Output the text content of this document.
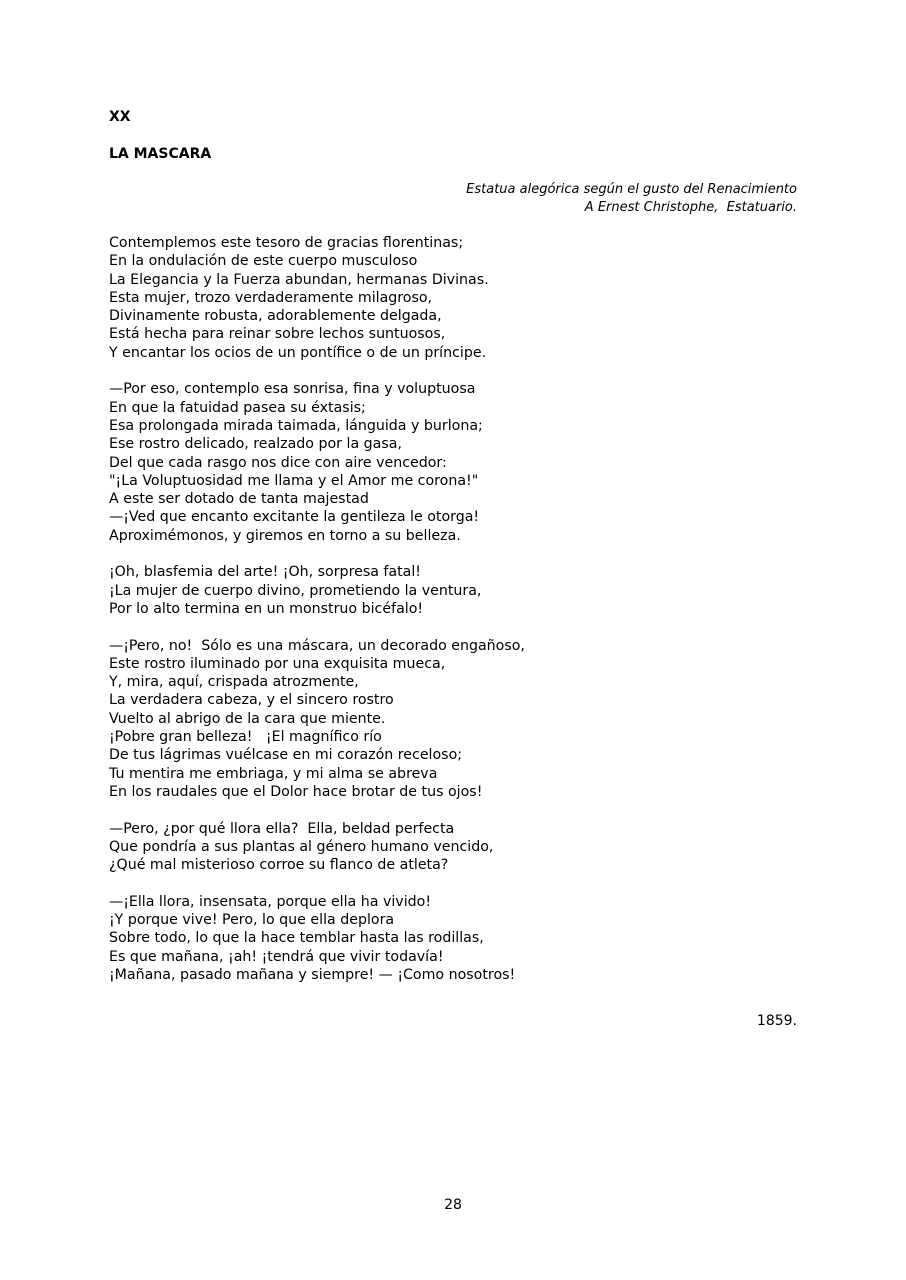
XX
LA MASCARA
Estatua alegórica según el gusto del Renacimiento
A Ernest Christophe,  Estatuario.
Contemplemos este tesoro de gracias florentinas;
En la ondulación de este cuerpo musculoso
La Elegancia y la Fuerza abundan, hermanas Divinas.
Esta mujer, trozo verdaderamente milagroso,
Divinamente robusta, adorablemente delgada,
Está hecha para reinar sobre lechos suntuosos,
Y encantar los ocios de un pontífice o de un príncipe.
—Por eso, contemplo esa sonrisa, fina y voluptuosa
En que la fatuidad pasea su éxtasis;
Esa prolongada mirada taimada, lánguida y burlona;
Ese rostro delicado, realzado por la gasa,
Del que cada rasgo nos dice con aire vencedor:
"¡La Voluptuosidad me llama y el Amor me corona!"
A este ser dotado de tanta majestad
—¡Ved que encanto excitante la gentileza le otorga!
Aproximémonos, y giremos en torno a su belleza.
¡Oh, blasfemia del arte! ¡Oh, sorpresa fatal!
¡La mujer de cuerpo divino, prometiendo la ventura,
Por lo alto termina en un monstruo bicéfalo!
—¡Pero, no!  Sólo es una máscara, un decorado engañoso,
Este rostro iluminado por una exquisita mueca,
Y, mira, aquí, crispada atrozmente,
La verdadera cabeza, y el sincero rostro
Vuelto al abrigo de la cara que miente.
¡Pobre gran belleza!   ¡El magnífico río
De tus lágrimas vuélcase en mi corazón receloso;
Tu mentira me embriaga, y mi alma se abreva
En los raudales que el Dolor hace brotar de tus ojos!
—Pero, ¿por qué llora ella?  Ella, beldad perfecta
Que pondría a sus plantas al género humano vencido,
¿Qué mal misterioso corroe su flanco de atleta?
—¡Ella llora, insensata, porque ella ha vivido!
¡Y porque vive! Pero, lo que ella deplora
Sobre todo, lo que la hace temblar hasta las rodillas,
Es que mañana, ¡ah! ¡tendrá que vivir todavía!
¡Mañana, pasado mañana y siempre! — ¡Como nosotros!
1859.
28
